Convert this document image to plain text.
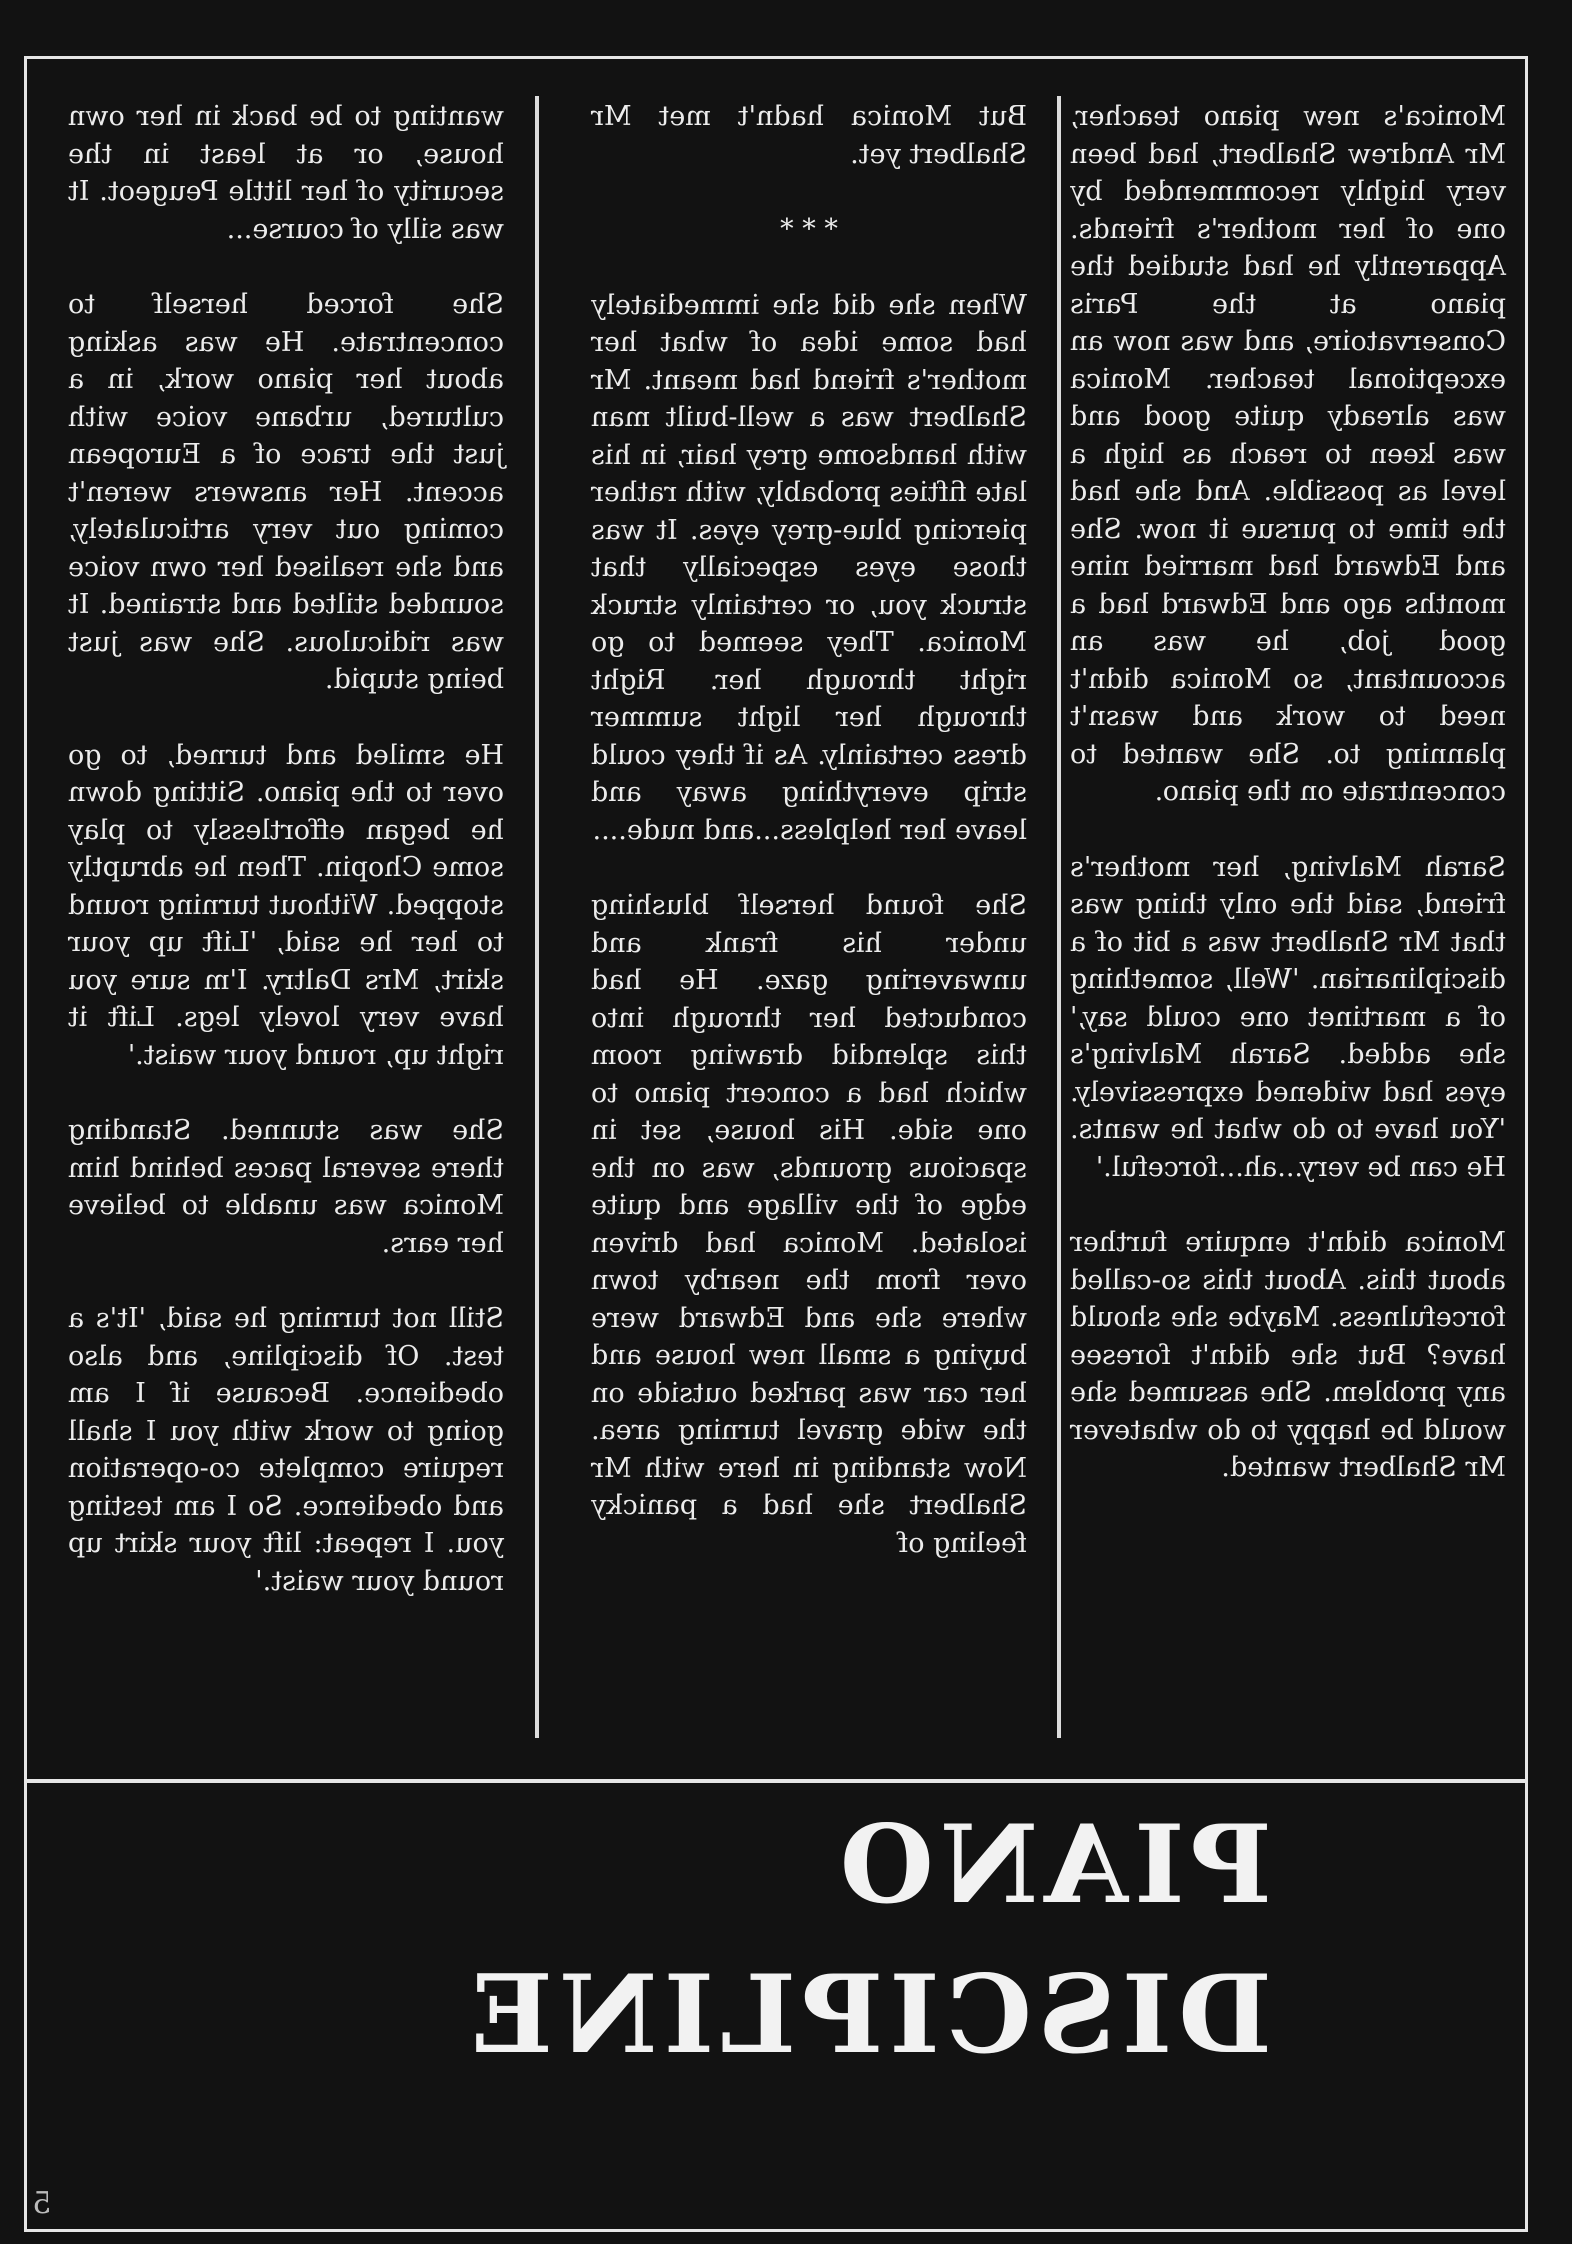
Monica's new piano teacher, Mr Andrew Shalbert, had been very highly recommended by one of her mother's friends. Apparently he had studied the piano at the Paris Conservatoire, and was now an exceptional teacher. Monica was already quite good and was keen to reach as high a level as possible. And she had the time to pursue it now. She and Edward had married nine months ago and Edward had a good job, he was an accountant, so Monica didn't need to work and wasn't planning to. She wanted to concentrate on the piano.

Sarah Malving, her mother's friend, said the only thing was that Mr Shalbert was a bit of a disciplinarian. 'Well, something of a martinet one could say,' she added. Sarah Malving's eyes had widened expressively. 'You have to do what he wants. He can be very...ah...forceful.'

Monica didn't enquire further about this. About this so-called forcefulness. Maybe she should have? But she didn't foresee any problem. She assumed she would be happy to do whatever Mr Shalbert wanted.

But Monica hadn't met Mr Shalbert yet.

* * *

When she did she immediately had some idea of what her mother's friend had meant. Mr Shalbert was a well-built man with handsome grey hair, in his late fifties probably, with rather piercing blue-grey eyes. It was those eyes especially that struck you, or certainly struck Monica. They seemed to go right through her. Right through her light summer dress certainly. As if they could strip everything away and leave her helpless...and nude....

She found herself blushing under his frank and unwavering gaze. He had conducted her through into this splendid drawing room which had a concert piano to one side. His house, set in spacious grounds, was on the edge of the village and quite isolated. Monica had driven over from the nearby town where she and Edward were buying a small new house and her car was parked outside on the wide gravel turning area. Now standing in here with Mr Shalbert she had a panicky feeling of

wanting to be back in her own house, or at least in the security of her little Peugeot. It was silly of course...

She forced herself to concentrate. He was asking about her piano work, in a cultured, urbane voice with just the trace of a European accent. Her answers weren't coming out very articulately, and she realised her own voice sounded stilted and strained. It was ridiculous. She was just being stupid.

He smiled and turned, to go over to the piano. Sitting down he began effortlessly to play some Chopin. Then he abruptly stopped. Without turning round to her he said, 'Lift up your skirt, Mrs Daltry. I'm sure you have very lovely legs. Lift it right up, round your waist.'

She was stunned. Standing there several paces behind him Monica was unable to believe her ears.

Still not turning he said, 'It's a test. Of discipline, and also obedience. Because if I am going to work with you I shall require complete co-operation and obedience. So I am testing you. I repeat: lift your skirt up round your waist.'

PIANO
DISCIPLINE
5
